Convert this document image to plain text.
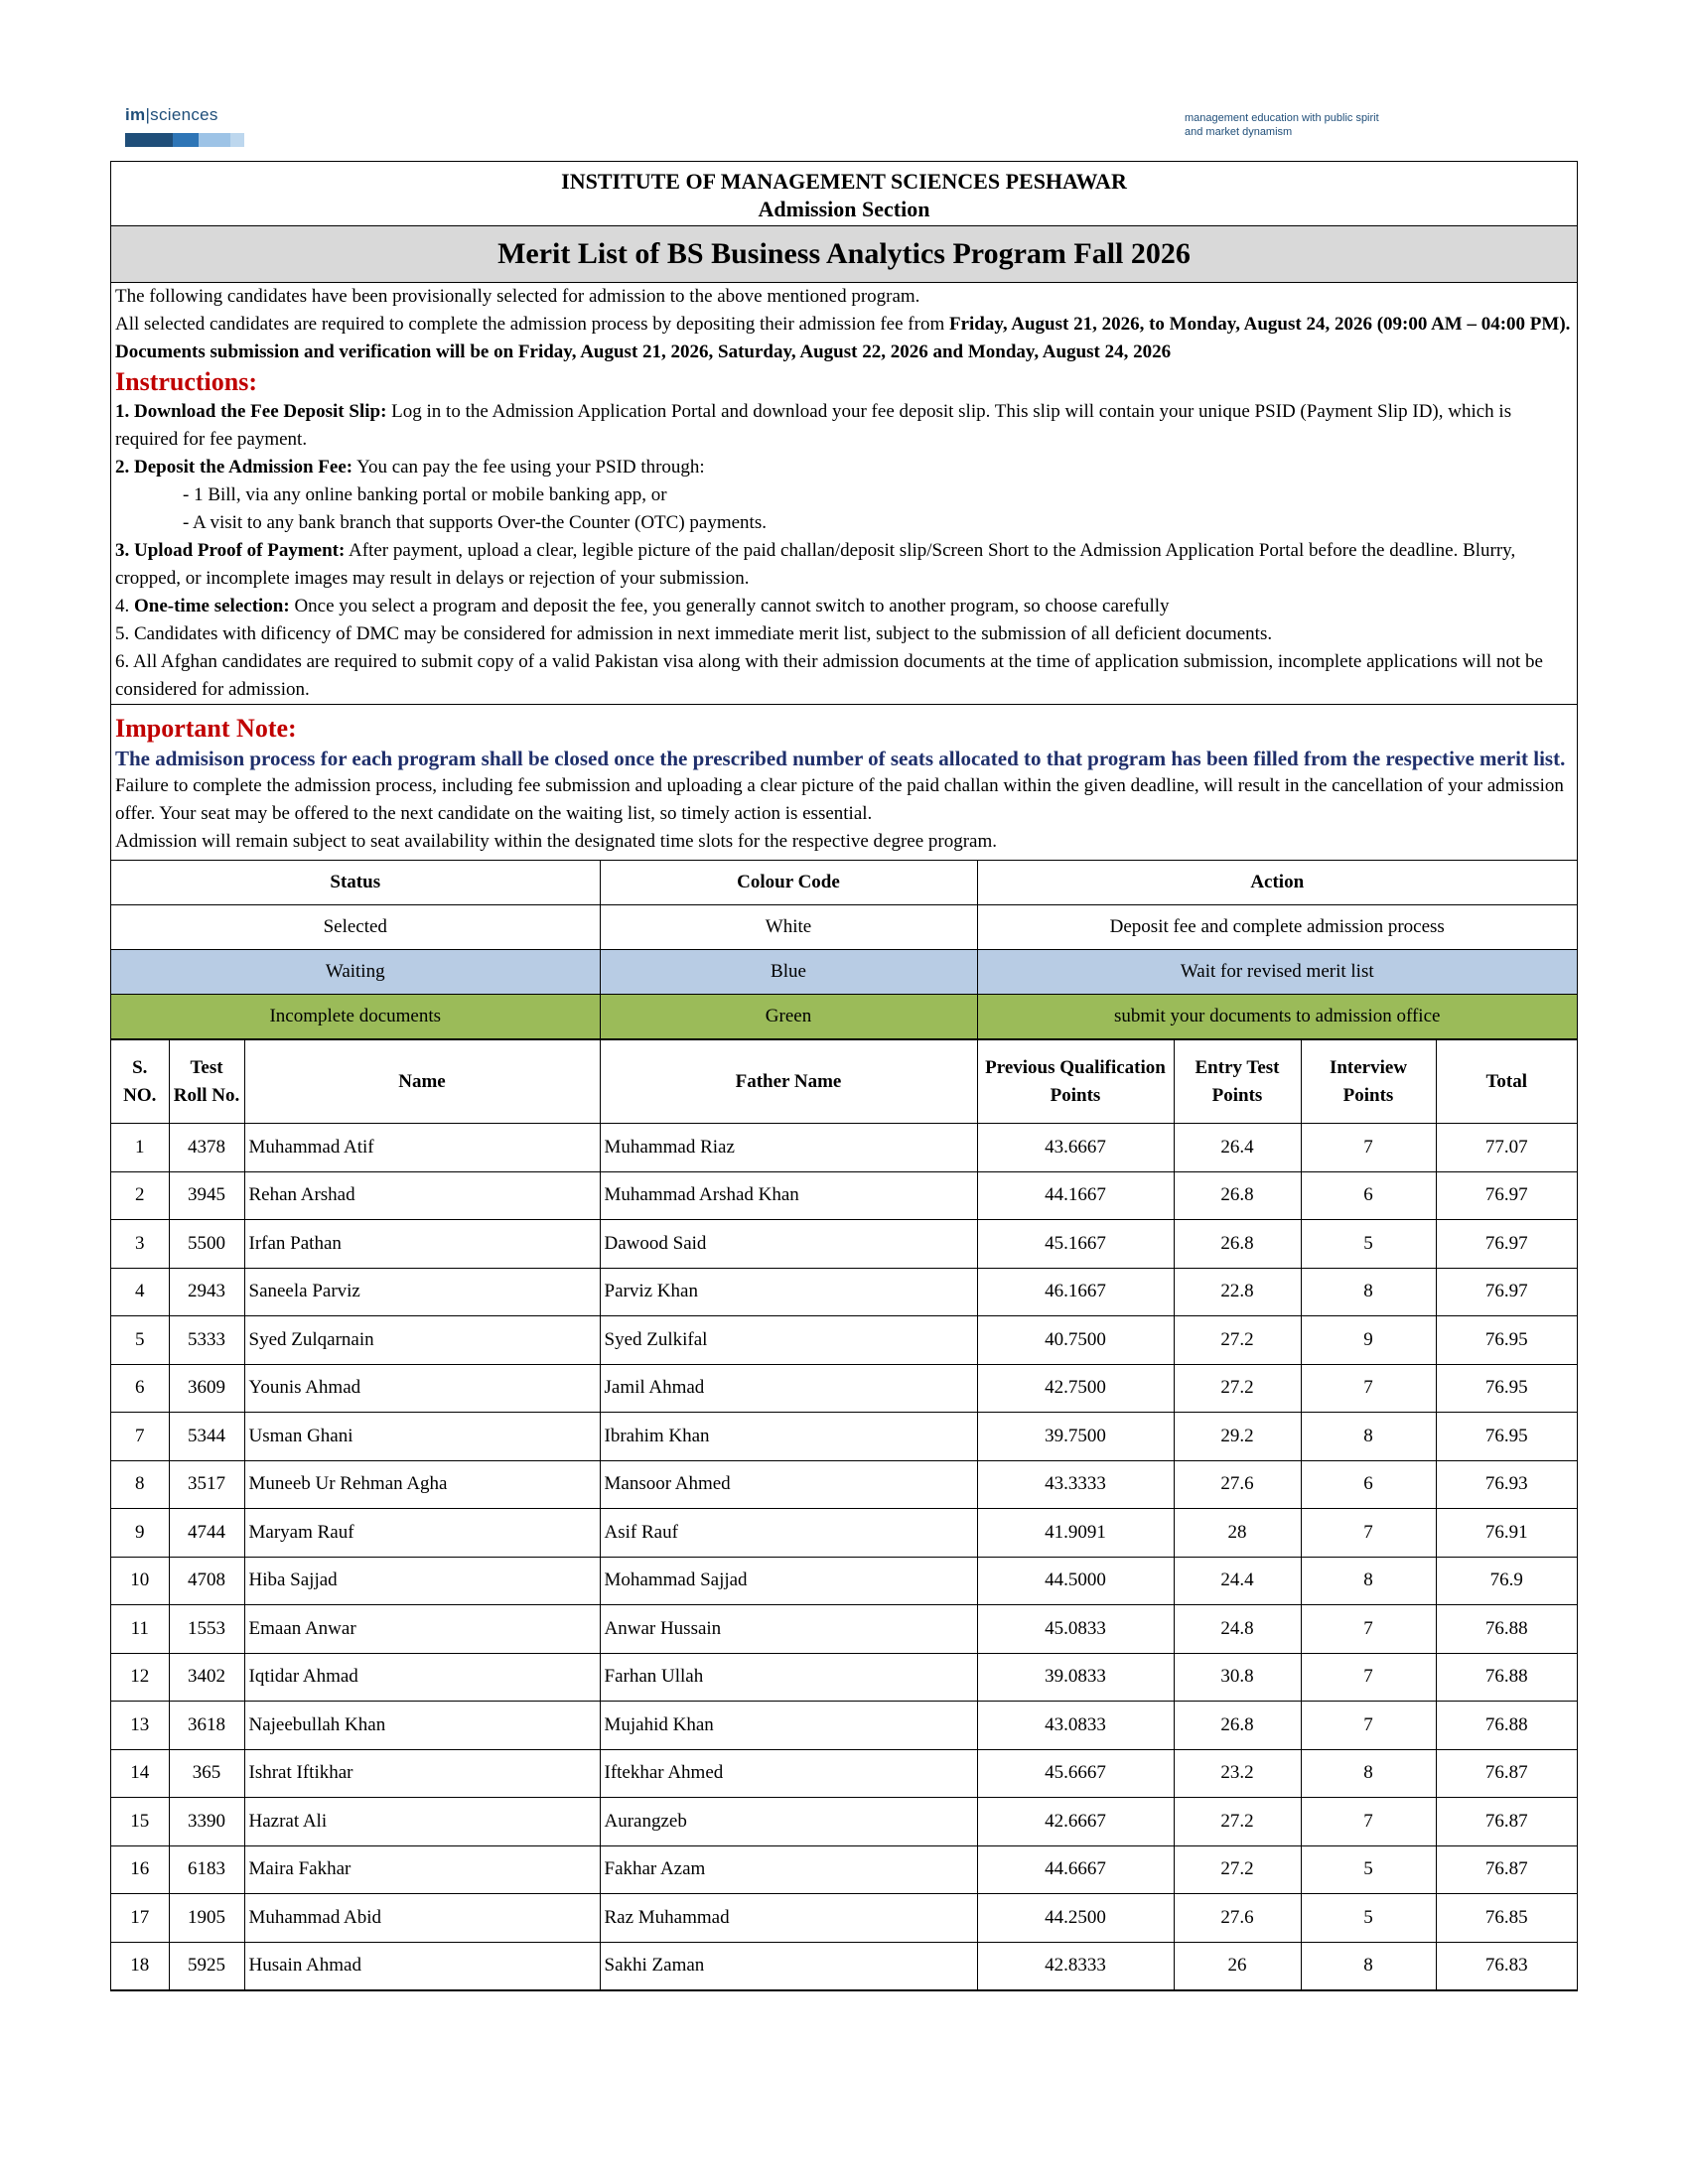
im|sciences	management education with public spirit
and market dynamism
INSTITUTE OF MANAGEMENT SCIENCES PESHAWAR
Admission Section
Merit List of BS Business Analytics Program Fall 2026

The following candidates have been provisionally selected for admission to the above mentioned program.

All selected candidates are required to complete the admission process by depositing their admission fee from Friday, August 21, 2026, to Monday, August 24, 2026 (09:00 AM – 04:00 PM). Documents submission and verification will be on Friday, August 21, 2026, Saturday, August 22, 2026 and Monday, August 24, 2026

Instructions:

1. Download the Fee Deposit Slip: Log in to the Admission Application Portal and download your fee deposit slip. This slip will contain your unique PSID (Payment Slip ID), which is required for fee payment.

2. Deposit the Admission Fee: You can pay the fee using your PSID through:

- 1 Bill, via any online banking portal or mobile banking app, or

- A visit to any bank branch that supports Over-the Counter (OTC) payments.

3. Upload Proof of Payment: After payment, upload a clear, legible picture of the paid challan/deposit slip/Screen Short to the Admission Application Portal before the deadline. Blurry, cropped, or incomplete images may result in delays or rejection of your submission.

4. One-time selection: Once you select a program and deposit the fee, you generally cannot switch to another program, so choose carefully

5. Candidates with dificency of DMC may be considered for admission in next immediate merit list, subject to the submission of all deficient documents.

6. All Afghan candidates are required to submit copy of a valid Pakistan visa along with their admission documents at the time of application submission, incomplete applications will not be considered for admission.

Important Note:

The admisison process for each program shall be closed once the prescribed number of seats allocated to that program has been filled from the respective merit list.

Failure to complete the admission process, including fee submission and uploading a clear picture of the paid challan within the given deadline, will result in the cancellation of your admission offer. Your seat may be offered to the next candidate on the waiting list, so timely action is essential.

Admission will remain subject to seat availability within the designated time slots for the respective degree program.

Status	Colour Code	Action
Selected	White	Deposit fee and complete admission process
Waiting	Blue	Wait for revised merit list
Incomplete documents	Green	submit your documents to admission office
S. NO.	Test Roll No.	Name	Father Name	Previous Qualification Points	Entry Test Points	Interview Points	Total
1	4378	Muhammad Atif	Muhammad Riaz	43.6667	26.4	7	77.07
2	3945	Rehan Arshad	Muhammad Arshad Khan	44.1667	26.8	6	76.97
3	5500	Irfan Pathan	Dawood Said	45.1667	26.8	5	76.97
4	2943	Saneela Parviz	Parviz Khan	46.1667	22.8	8	76.97
5	5333	Syed Zulqarnain	Syed Zulkifal	40.7500	27.2	9	76.95
6	3609	Younis Ahmad	Jamil Ahmad	42.7500	27.2	7	76.95
7	5344	Usman Ghani	Ibrahim Khan	39.7500	29.2	8	76.95
8	3517	Muneeb Ur Rehman Agha	Mansoor Ahmed	43.3333	27.6	6	76.93
9	4744	Maryam Rauf	Asif Rauf	41.9091	28	7	76.91
10	4708	Hiba Sajjad	Mohammad Sajjad	44.5000	24.4	8	76.9
11	1553	Emaan Anwar	Anwar Hussain	45.0833	24.8	7	76.88
12	3402	Iqtidar Ahmad	Farhan Ullah	39.0833	30.8	7	76.88
13	3618	Najeebullah Khan	Mujahid Khan	43.0833	26.8	7	76.88
14	365	Ishrat Iftikhar	Iftekhar Ahmed	45.6667	23.2	8	76.87
15	3390	Hazrat Ali	Aurangzeb	42.6667	27.2	7	76.87
16	6183	Maira Fakhar	Fakhar Azam	44.6667	27.2	5	76.87
17	1905	Muhammad Abid	Raz Muhammad	44.2500	27.6	5	76.85
18	5925	Husain Ahmad	Sakhi Zaman	42.8333	26	8	76.83
